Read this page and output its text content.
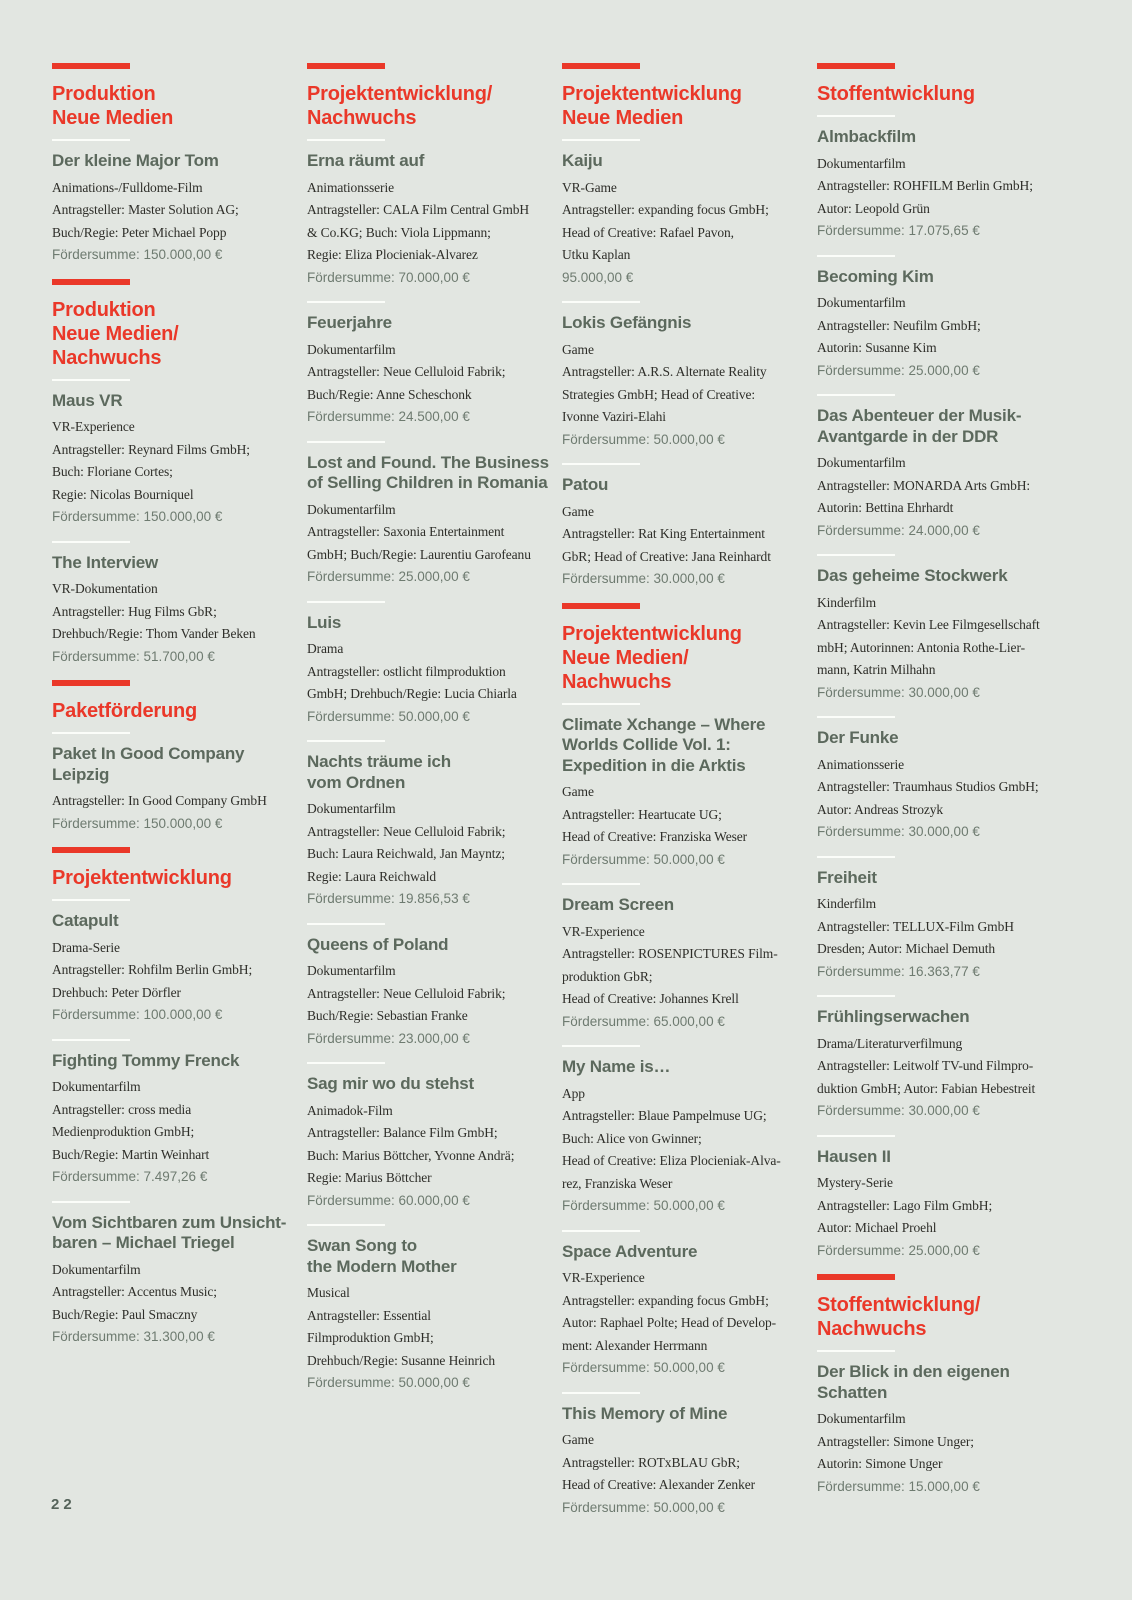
Produktion
Neue Medien
Der kleine Major Tom
Animations-/Fulldome-Film
Antragsteller: Master Solution AG;
Buch/Regie: Peter Michael Popp
Fördersumme: 150.000,00 €
Produktion
Neue Medien/
Nachwuchs
Maus VR
VR-Experience
Antragsteller: Reynard Films GmbH;
Buch: Floriane Cortes;
Regie: Nicolas Bourniquel
Fördersumme: 150.000,00 €
The Interview
VR-Dokumentation
Antragsteller: Hug Films GbR;
Drehbuch/Regie: Thom Vander Beken
Fördersumme: 51.700,00 €
Paketförderung
Paket In Good Company
Leipzig
Antragsteller: In Good Company GmbH
Fördersumme: 150.000,00 €
Projektentwicklung
Catapult
Drama-Serie
Antragsteller: Rohfilm Berlin GmbH;
Drehbuch: Peter Dörfler
Fördersumme: 100.000,00 €
Fighting Tommy Frenck
Dokumentarfilm
Antragsteller: cross media
Medienproduktion GmbH;
Buch/Regie: Martin Weinhart
Fördersumme: 7.497,26 €
Vom Sichtbaren zum Unsicht-
baren – Michael Triegel
Dokumentarfilm
Antragsteller: Accentus Music;
Buch/Regie: Paul Smaczny
Fördersumme: 31.300,00 €
Projektentwicklung/
Nachwuchs
Erna räumt auf
Animationsserie
Antragsteller: CALA Film Central GmbH
& Co.KG; Buch: Viola Lippmann;
Regie: Eliza Plocieniak-Alvarez
Fördersumme: 70.000,00 €
Feuerjahre
Dokumentarfilm
Antragsteller: Neue Celluloid Fabrik;
Buch/Regie: Anne Scheschonk
Fördersumme: 24.500,00 €
Lost and Found. The Business
of Selling Children in Romania
Dokumentarfilm
Antragsteller: Saxonia Entertainment
GmbH; Buch/Regie: Laurentiu Garofeanu
Fördersumme: 25.000,00 €
Luis
Drama
Antragsteller: ostlicht filmproduktion
GmbH; Drehbuch/Regie: Lucia Chiarla
Fördersumme: 50.000,00 €
Nachts träume ich
vom Ordnen
Dokumentarfilm
Antragsteller: Neue Celluloid Fabrik;
Buch: Laura Reichwald, Jan Mayntz;
Regie: Laura Reichwald
Fördersumme: 19.856,53 €
Queens of Poland
Dokumentarfilm
Antragsteller: Neue Celluloid Fabrik;
Buch/Regie: Sebastian Franke
Fördersumme: 23.000,00 €
Sag mir wo du stehst
Animadok-Film
Antragsteller: Balance Film GmbH;
Buch: Marius Böttcher, Yvonne Andrä;
Regie: Marius Böttcher
Fördersumme: 60.000,00 €
Swan Song to
the Modern Mother
Musical
Antragsteller: Essential
Filmproduktion GmbH;
Drehbuch/Regie: Susanne Heinrich
Fördersumme: 50.000,00 €
Projektentwicklung
Neue Medien
Kaiju
VR-Game
Antragsteller: expanding focus GmbH;
Head of Creative: Rafael Pavon,
Utku Kaplan
95.000,00 €
Lokis Gefängnis
Game
Antragsteller: A.R.S. Alternate Reality
Strategies GmbH; Head of Creative:
Ivonne Vaziri-Elahi
Fördersumme: 50.000,00 €
Patou
Game
Antragsteller: Rat King Entertainment
GbR; Head of Creative: Jana Reinhardt
Fördersumme: 30.000,00 €
Projektentwicklung
Neue Medien/
Nachwuchs
Climate Xchange – Where
Worlds Collide Vol. 1:
Expedition in die Arktis
Game
Antragsteller: Heartucate UG;
Head of Creative: Franziska Weser
Fördersumme: 50.000,00 €
Dream Screen
VR-Experience
Antragsteller: ROSENPICTURES Film-
produktion GbR;
Head of Creative: Johannes Krell
Fördersumme: 65.000,00 €
My Name is…
App
Antragsteller: Blaue Pampelmuse UG;
Buch: Alice von Gwinner;
Head of Creative: Eliza Plocieniak-Alva-
rez, Franziska Weser
Fördersumme: 50.000,00 €
Space Adventure
VR-Experience
Antragsteller: expanding focus GmbH;
Autor: Raphael Polte; Head of Develop-
ment: Alexander Herrmann
Fördersumme: 50.000,00 €
This Memory of Mine
Game
Antragsteller: ROTxBLAU GbR;
Head of Creative: Alexander Zenker
Fördersumme: 50.000,00 €
Stoffentwicklung
Almbackfilm
Dokumentarfilm
Antragsteller: ROHFILM Berlin GmbH;
Autor: Leopold Grün
Fördersumme: 17.075,65 €
Becoming Kim
Dokumentarfilm
Antragsteller: Neufilm GmbH;
Autorin: Susanne Kim
Fördersumme: 25.000,00 €
Das Abenteuer der Musik-
Avantgarde in der DDR
Dokumentarfilm
Antragsteller: MONARDA Arts GmbH:
Autorin: Bettina Ehrhardt
Fördersumme: 24.000,00 €
Das geheime Stockwerk
Kinderfilm
Antragsteller: Kevin Lee Filmgesellschaft
mbH; Autorinnen: Antonia Rothe-Lier-
mann, Katrin Milhahn
Fördersumme: 30.000,00 €
Der Funke
Animationsserie
Antragsteller: Traumhaus Studios GmbH;
Autor: Andreas Strozyk
Fördersumme: 30.000,00 €
Freiheit
Kinderfilm
Antragsteller: TELLUX-Film GmbH
Dresden; Autor: Michael Demuth
Fördersumme: 16.363,77 €
Frühlingserwachen
Drama/Literaturverfilmung
Antragsteller: Leitwolf TV-und Filmpro-
duktion GmbH; Autor: Fabian Hebestreit
Fördersumme: 30.000,00 €
Hausen II
Mystery-Serie
Antragsteller: Lago Film GmbH;
Autor: Michael Proehl
Fördersumme: 25.000,00 €
Stoffentwicklung/
Nachwuchs
Der Blick in den eigenen
Schatten
Dokumentarfilm
Antragsteller: Simone Unger;
Autorin: Simone Unger
Fördersumme: 15.000,00 €
22
